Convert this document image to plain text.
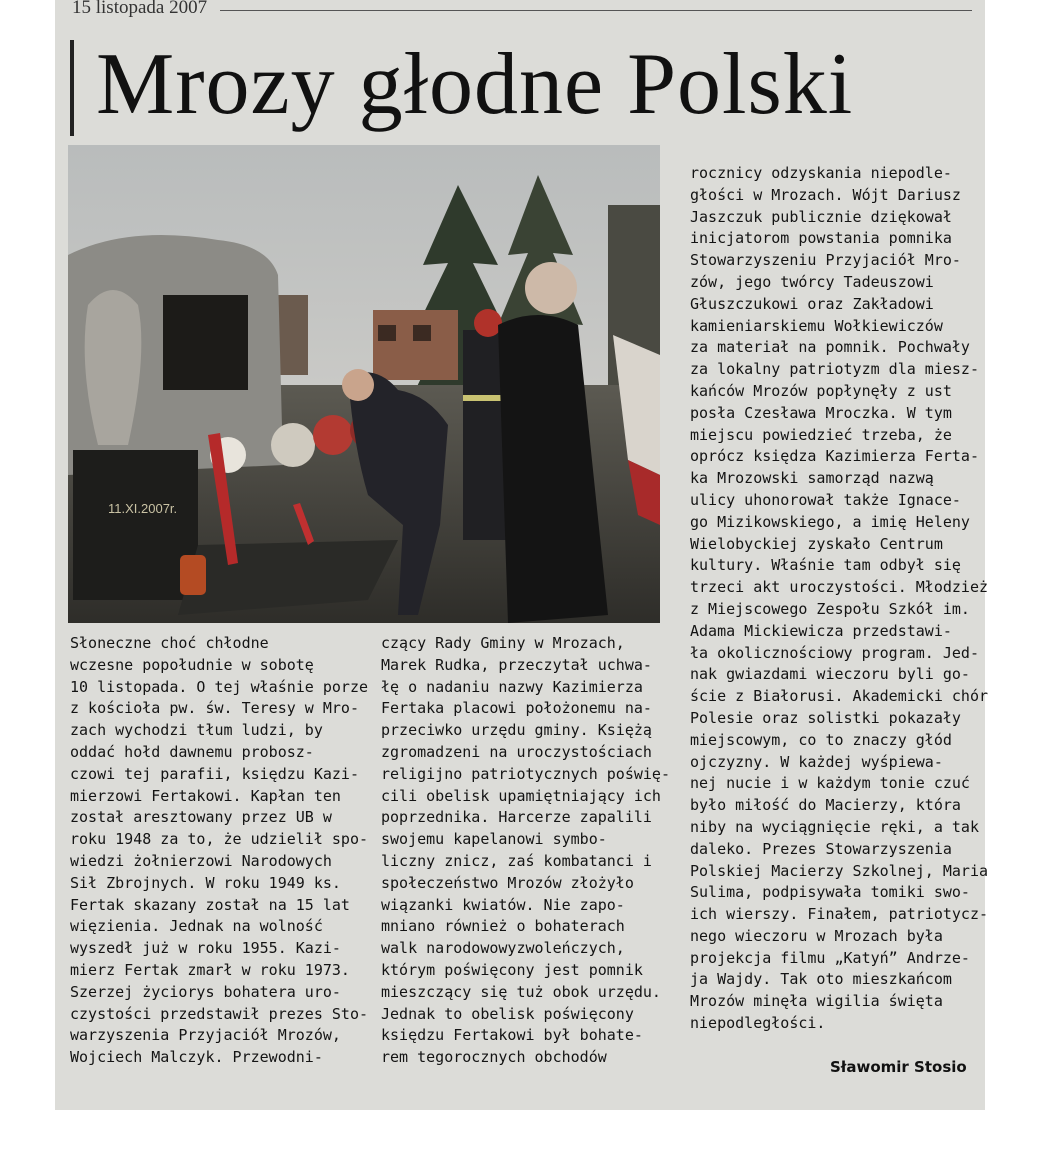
15 listopada 2007
Mrozy głodne Polski
11.XI.2007r.

Słoneczne choć chłodne

wczesne popołudnie w sobotę

10 listopada. O tej właśnie porze

z kościoła pw. św. Teresy w Mro-

zach wychodzi tłum ludzi, by

oddać hołd dawnemu probosz-

czowi tej parafii, księdzu Kazi-

mierzowi Fertakowi. Kapłan ten

został aresztowany przez UB w

roku 1948 za to, że udzielił spo-

wiedzi żołnierzowi Narodowych

Sił Zbrojnych. W roku 1949 ks.

Fertak skazany został na 15 lat

więzienia. Jednak na wolność

wyszedł już w roku 1955. Kazi-

mierz Fertak zmarł w roku 1973.

Szerzej życiorys bohatera uro-

czystości przedstawił prezes Sto-

warzyszenia Przyjaciół Mrozów,

Wojciech Malczyk. Przewodni-

czący Rady Gminy w Mrozach,

Marek Rudka, przeczytał uchwa-

łę o nadaniu nazwy Kazimierza

Fertaka placowi położonemu na-

przeciwko urzędu gminy. Księżą

zgromadzeni na uroczystościach

religijno patriotycznych poświę-

cili obelisk upamiętniający ich

poprzednika. Harcerze zapalili

swojemu kapelanowi symbo-

liczny znicz, zaś kombatanci i

społeczeństwo Mrozów złożyło

wiązanki kwiatów. Nie zapo-

mniano również o bohaterach

walk narodowowyzwoleńczych,

którym poświęcony jest pomnik

mieszczący się tuż obok urzędu.

Jednak to obelisk poświęcony

księdzu Fertakowi był bohate-

rem tegorocznych obchodów

rocznicy odzyskania niepodle-

głości w Mrozach. Wójt Dariusz

Jaszczuk publicznie dziękował

inicjatorom powstania pomnika

Stowarzyszeniu Przyjaciół Mro-

zów, jego twórcy Tadeuszowi

Głuszczukowi oraz Zakładowi

kamieniarskiemu Wołkiewiczów

za materiał na pomnik. Pochwały

za lokalny patriotyzm dla miesz-

kańców Mrozów popłynęły z ust

posła Czesława Mroczka. W tym

miejscu powiedzieć trzeba, że

oprócz księdza Kazimierza Ferta-

ka Mrozowski samorząd nazwą

ulicy uhonorował także Ignace-

go Mizikowskiego, a imię Heleny

Wielobyckiej zyskało Centrum

kultury. Właśnie tam odbył się

trzeci akt uroczystości. Młodzież

z Miejscowego Zespołu Szkół im.

Adama Mickiewicza przedstawi-

ła okolicznościowy program. Jed-

nak gwiazdami wieczoru byli go-

ście z Białorusi. Akademicki chór

Polesie oraz solistki pokazały

miejscowym, co to znaczy głód

ojczyzny. W każdej wyśpiewa-

nej nucie i w każdym tonie czuć

było miłość do Macierzy, która

niby na wyciągnięcie ręki, a tak

daleko. Prezes Stowarzyszenia

Polskiej Macierzy Szkolnej, Maria

Sulima, podpisywała tomiki swo-

ich wierszy. Finałem, patriotycz-

nego wieczoru w Mrozach była

projekcja filmu „Katyń” Andrze-

ja Wajdy. Tak oto mieszkańcom

Mrozów minęła wigilia święta

niepodległości.

Sławomir Stosio
